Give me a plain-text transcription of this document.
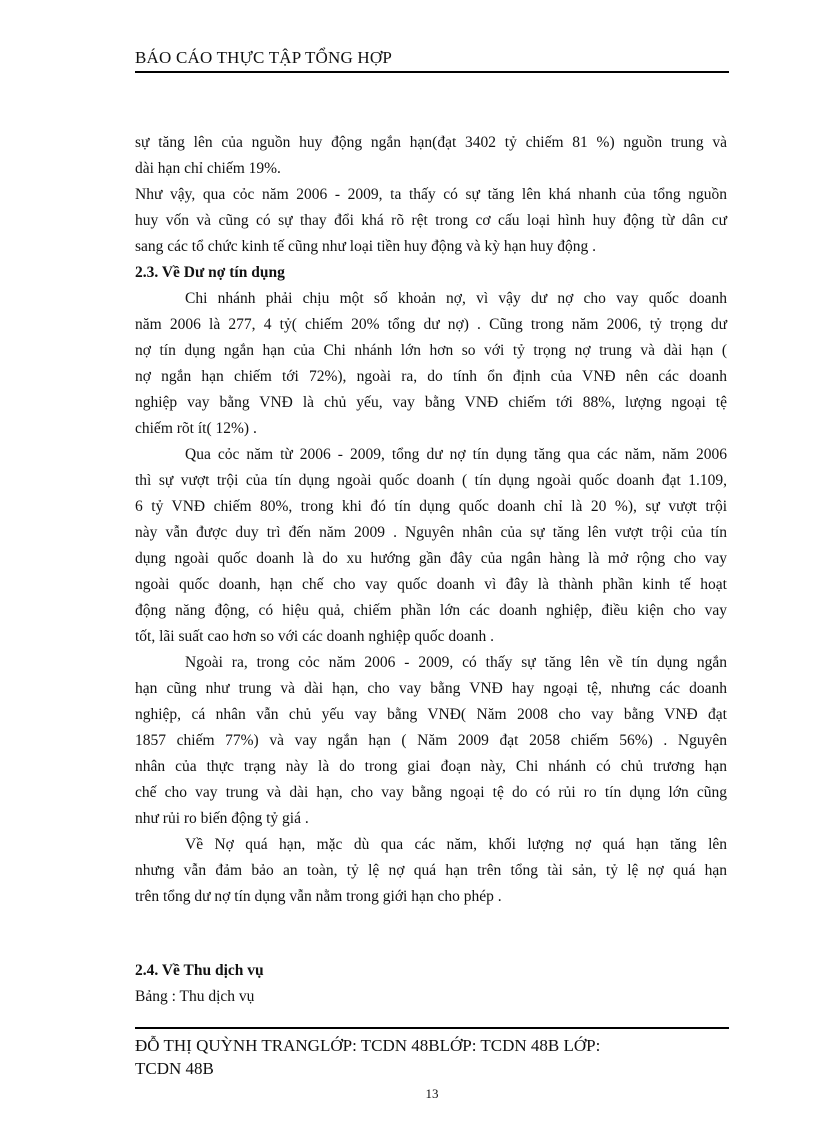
BÁO CÁO THỰC TẬP TỔNG HỢP
sự tăng lên của nguồn huy động ngắn hạn(đạt 3402 tỷ chiếm 81 %) nguồn trung và
dài hạn chỉ chiếm 19%.
Như vậy, qua cỏc năm 2006 - 2009, ta thấy có sự tăng lên khá nhanh của tổng nguồn
huy vốn và cũng có sự thay đổi khá rõ rệt trong cơ cấu loại hình huy động từ dân cư
sang các tổ chức kinh tế cũng như loại tiền huy động và kỳ hạn huy động .
2.3. Về Dư nợ tín dụng
Chi nhánh phải chịu một số khoản nợ, vì vậy dư nợ cho vay quốc doanh
năm 2006 là 277, 4 tỷ( chiếm 20% tổng dư nợ) . Cũng trong năm 2006, tỷ trọng dư
nợ tín dụng ngắn hạn của Chi nhánh lớn hơn so với tỷ trọng nợ trung và dài hạn (
nợ ngắn hạn chiếm tới 72%), ngoài ra, do tính ổn định của VNĐ nên các doanh
nghiệp vay bằng VNĐ là chủ yếu, vay bằng VNĐ chiếm tới 88%, lượng ngoại tệ
chiếm rõt ít( 12%) .
Qua cỏc năm từ 2006 - 2009, tổng dư nợ tín dụng tăng qua các năm, năm 2006
thì sự vượt trội của tín dụng ngoài quốc doanh ( tín dụng ngoài quốc doanh đạt 1.109,
6 tỷ VNĐ chiếm 80%, trong khi đó tín dụng quốc doanh chỉ là 20 %), sự vượt trội
này vẫn được duy trì đến năm 2009 . Nguyên nhân của sự tăng lên vượt trội của tín
dụng ngoài quốc doanh là do xu hướng gần đây của ngân hàng là mở rộng cho vay
ngoài quốc doanh, hạn chế cho vay quốc doanh vì đây là thành phần kinh tế hoạt
động năng động, có hiệu quả, chiếm phần lớn các doanh nghiệp, điều kiện cho vay
tốt, lãi suất cao hơn so với các doanh nghiệp quốc doanh .
Ngoài ra, trong cỏc năm 2006 - 2009, có thấy sự tăng lên về tín dụng ngắn
hạn cũng như trung và dài hạn, cho vay bằng VNĐ hay ngoại tệ, nhưng các doanh
nghiệp, cá nhân vẫn chủ yếu vay bằng VNĐ( Năm 2008 cho vay bằng VNĐ đạt
1857 chiếm 77%) và vay ngắn hạn ( Năm 2009 đạt 2058 chiếm 56%) . Nguyên
nhân của thực trạng này là do trong giai đoạn này, Chi nhánh có chủ trương hạn
chế cho vay trung và dài hạn, cho vay bằng ngoại tệ do có rủi ro tín dụng lớn cũng
như rủi ro biến động tỷ giá .
Về Nợ quá hạn, mặc dù qua các năm, khối lượng nợ quá hạn tăng lên
nhưng vẫn đảm bảo an toàn, tỷ lệ nợ quá hạn trên tổng tài sản, tỷ lệ nợ quá hạn
trên tổng dư nợ tín dụng vẫn nằm trong giới hạn cho phép .
2.4. Về Thu dịch vụ
Bảng : Thu dịch vụ
ĐỖ THỊ QUỲNH TRANGLỚP: TCDN 48BLỚP: TCDN 48B LỚP:
TCDN 48B
13
